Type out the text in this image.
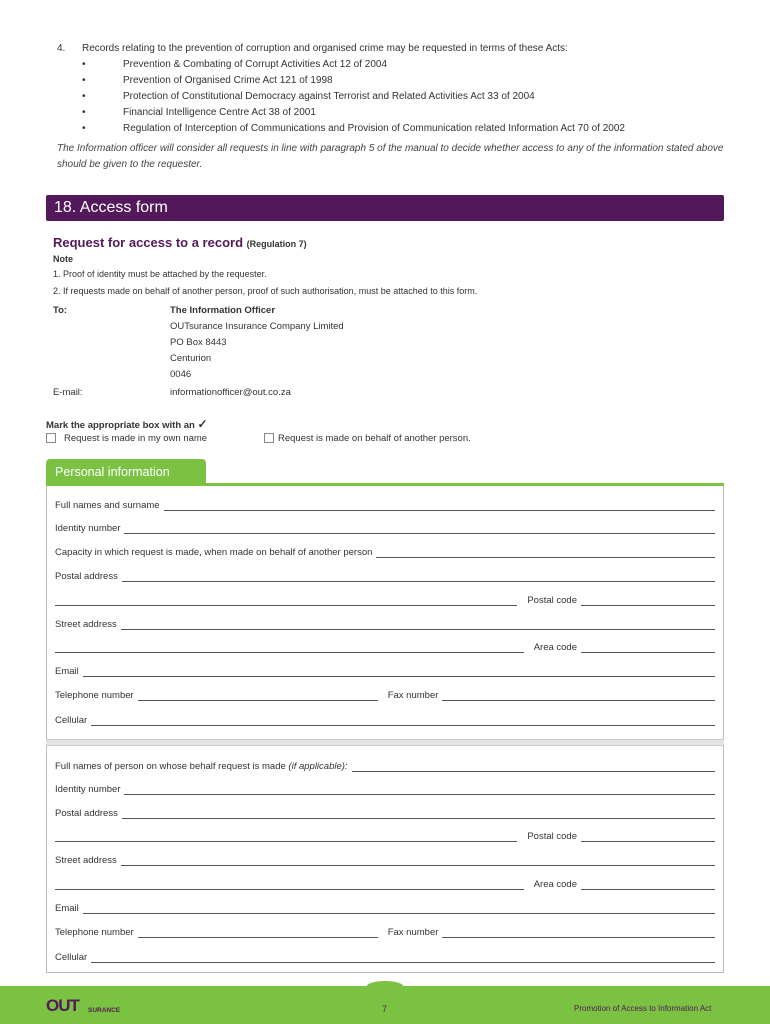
4. Records relating to the prevention of corruption and organised crime may be requested in terms of these Acts:
• Prevention & Combating of Corrupt Activities Act 12 of 2004
• Prevention of Organised Crime Act 121 of 1998
• Protection of Constitutional Democracy against Terrorist and Related Activities Act 33 of 2004
• Financial Intelligence Centre Act 38 of 2001
• Regulation of Interception of Communications and Provision of Communication related Information Act 70 of 2002
The Information officer will consider all requests in line with paragraph 5 of the manual to decide whether access to any of the information stated above should be given to the requester.
18. Access form
Request for access to a record (Regulation 7)
Note
1. Proof of identity must be attached by the requester.
2. If requests made on behalf of another person, proof of such authorisation, must be attached to this form.
To:	The Information Officer
OUTsurance Insurance Company Limited
PO Box 8443
Centurion
0046
E-mail:	informationofficer@out.co.za
Mark the appropriate box with an ✓
Request is made in my own name	Request is made on behalf of another person.
Personal information
Full names and surname
Identity number
Capacity in which request is made, when made on behalf of another person
Postal address
Postal code
Street address
Area code
Email
Telephone number	Fax number
Cellular
Full names of person on whose behalf request is made (if applicable):
Identity number
Postal address
Postal code
Street address
Area code
Email
Telephone number	Fax number
Cellular
OUT SURANCE	7	Promotion of Access to Information Act
